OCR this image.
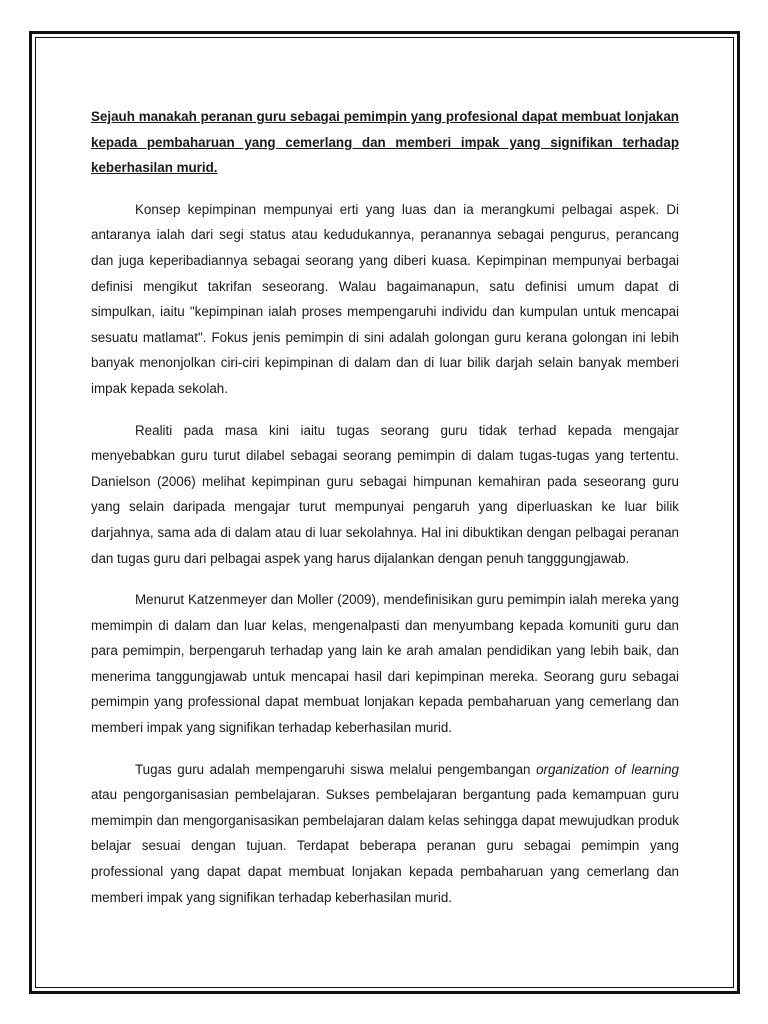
Sejauh manakah peranan guru sebagai pemimpin yang profesional dapat membuat lonjakan kepada pembaharuan yang cemerlang dan memberi impak yang signifikan terhadap keberhasilan murid.

Konsep kepimpinan mempunyai erti yang luas dan ia merangkumi pelbagai aspek. Di antaranya ialah dari segi status atau kedudukannya, peranannya sebagai pengurus, perancang dan juga keperibadiannya sebagai seorang yang diberi kuasa. Kepimpinan mempunyai berbagai definisi mengikut takrifan seseorang. Walau bagaimanapun, satu definisi umum dapat di simpulkan, iaitu "kepimpinan ialah proses mempengaruhi individu dan kumpulan untuk mencapai sesuatu matlamat". Fokus jenis pemimpin di sini adalah golongan guru kerana golongan ini lebih banyak menonjolkan ciri-ciri kepimpinan di dalam dan di luar bilik darjah selain banyak memberi impak kepada sekolah.

Realiti pada masa kini iaitu tugas seorang guru tidak terhad kepada mengajar menyebabkan guru turut dilabel sebagai seorang pemimpin di dalam tugas-tugas yang tertentu. Danielson (2006) melihat kepimpinan guru sebagai himpunan kemahiran pada seseorang guru yang selain daripada mengajar turut mempunyai pengaruh yang diperluaskan ke luar bilik darjahnya, sama ada di dalam atau di luar sekolahnya. Hal ini dibuktikan dengan pelbagai peranan dan tugas guru dari pelbagai aspek yang harus dijalankan dengan penuh tangggungjawab.

Menurut Katzenmeyer dan Moller (2009), mendefinisikan guru pemimpin ialah mereka yang memimpin di dalam dan luar kelas, mengenalpasti dan menyumbang kepada komuniti guru dan para pemimpin, berpengaruh terhadap yang lain ke arah amalan pendidikan yang lebih baik, dan menerima tanggungjawab untuk mencapai hasil dari kepimpinan mereka. Seorang guru sebagai pemimpin yang professional dapat membuat lonjakan kepada pembaharuan yang cemerlang dan memberi impak yang signifikan terhadap keberhasilan murid.

Tugas guru adalah mempengaruhi siswa melalui pengembangan organization of learning atau pengorganisasian pembelajaran. Sukses pembelajaran bergantung pada kemampuan guru memimpin dan mengorganisasikan pembelajaran dalam kelas sehingga dapat mewujudkan produk belajar sesuai dengan tujuan. Terdapat beberapa peranan guru sebagai pemimpin yang professional yang dapat dapat membuat lonjakan kepada pembaharuan yang cemerlang dan memberi impak yang signifikan terhadap keberhasilan murid.
